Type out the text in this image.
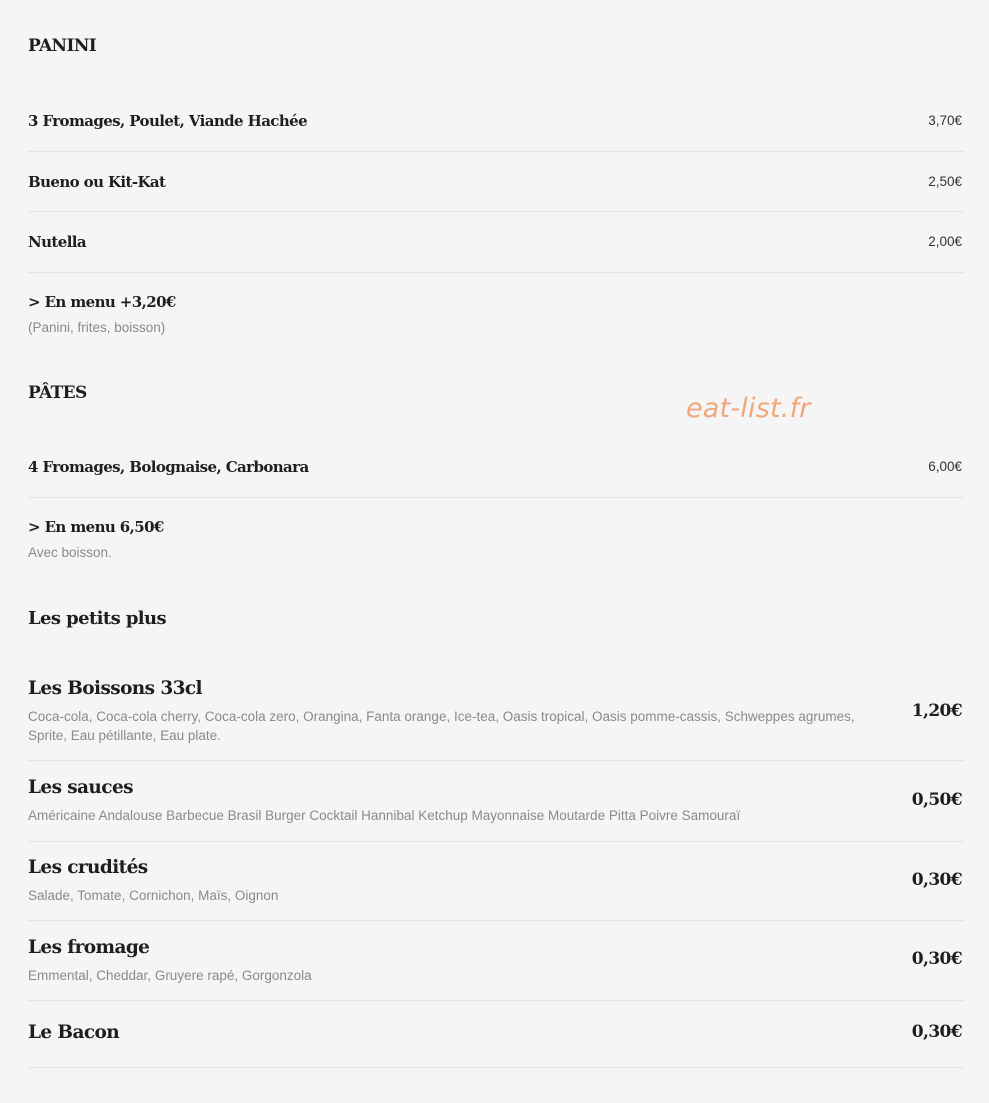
PANINI
3 Fromages, Poulet, Viande Hachée	3,70€
Bueno ou Kit-Kat	2,50€
Nutella	2,00€
> En menu +3,20€
(Panini, frites, boisson)
eat-list.fr
PÂTES
4 Fromages, Bolognaise, Carbonara	6,00€
> En menu 6,50€
Avec boisson.
Les petits plus
Les Boissons 33cl
Coca-cola, Coca-cola cherry, Coca-cola zero, Orangina, Fanta orange, Ice-tea, Oasis tropical, Oasis pomme-cassis, Schweppes agrumes,
Sprite, Eau pétillante, Eau plate.
1,20€
Les sauces
Américaine Andalouse Barbecue Brasil Burger Cocktail Hannibal Ketchup Mayonnaise Moutarde Pitta Poivre Samouraï
0,50€
Les crudités
Salade, Tomate, Cornichon, Maïs, Oignon
0,30€
Les fromage
Emmental, Cheddar, Gruyere rapé, Gorgonzola
0,30€
Le Bacon	0,30€
